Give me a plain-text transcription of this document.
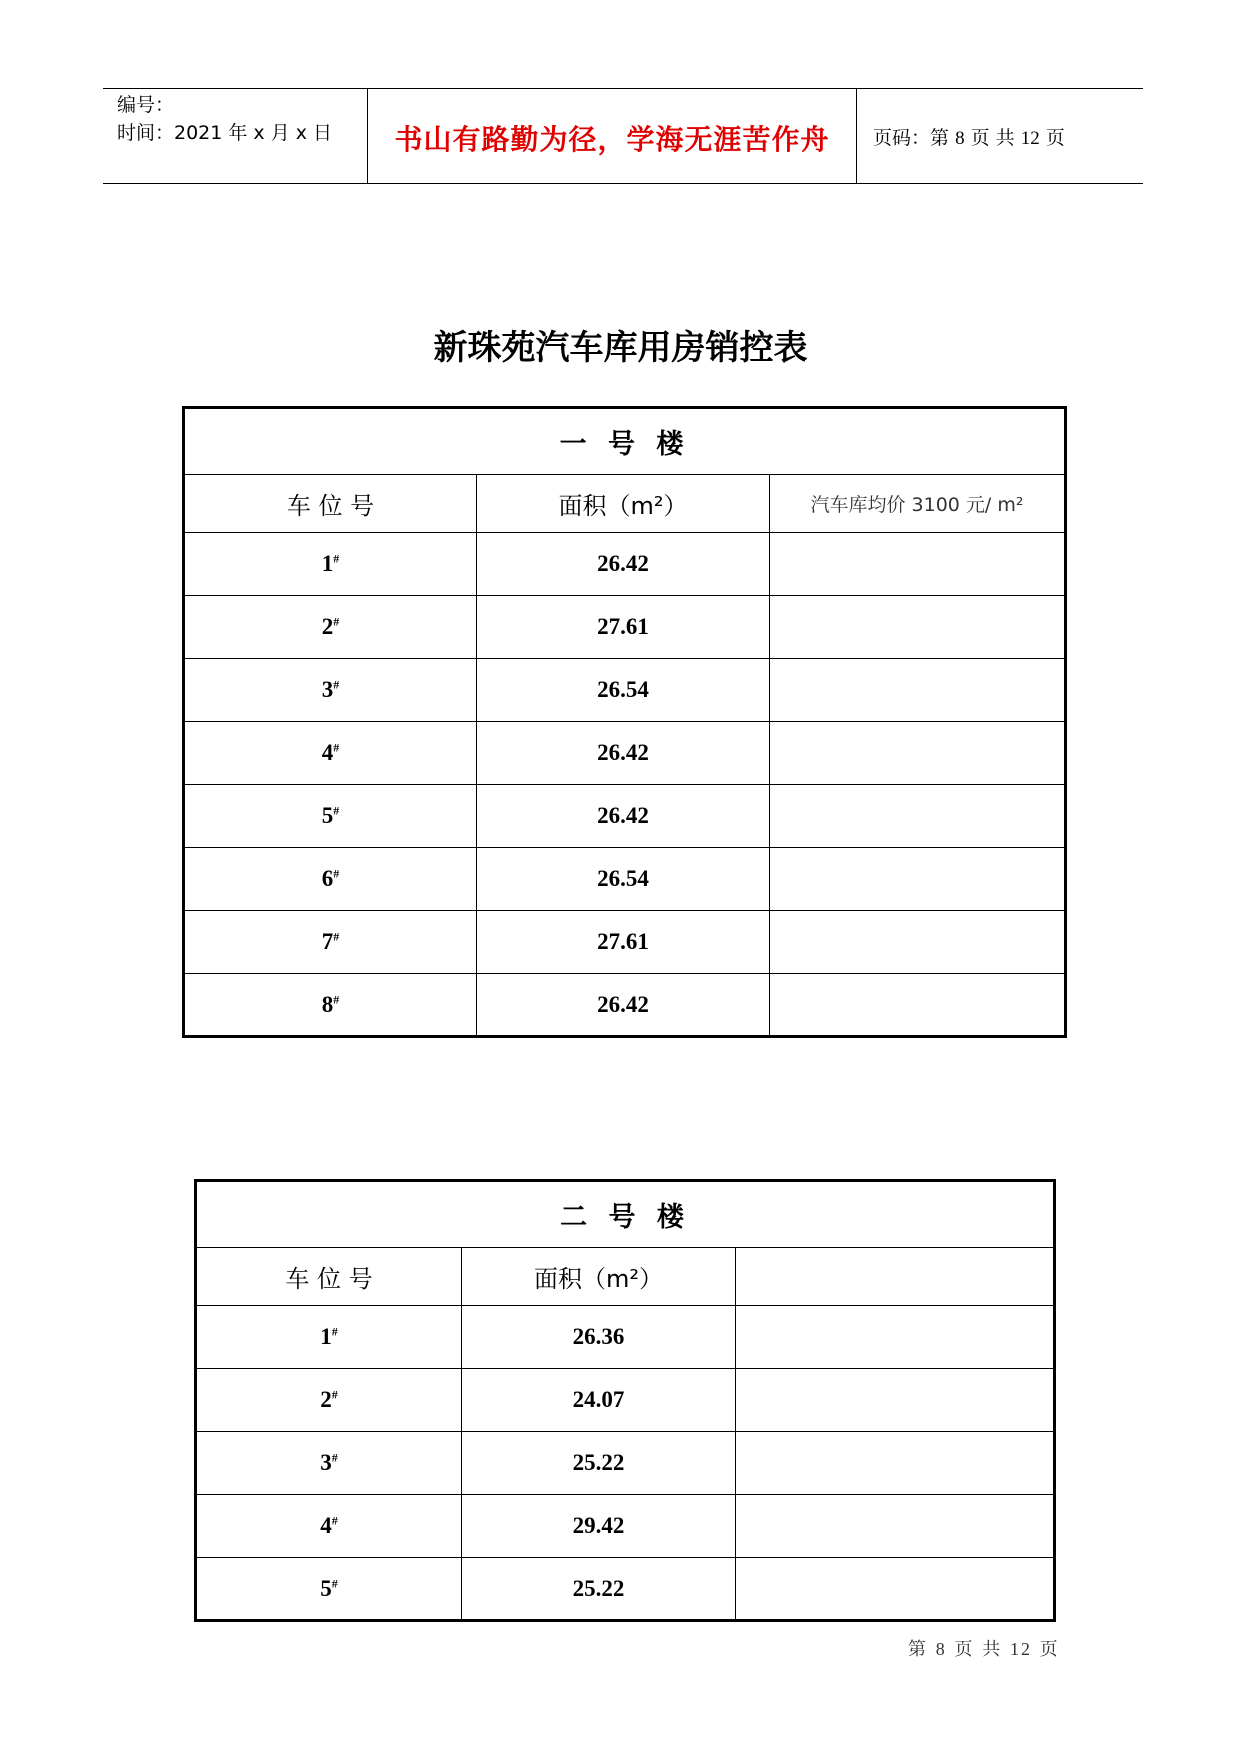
编号：
时间：2021 年 x 月 x 日	书山有路勤为径，学海无涯苦作舟	页码：第 8 页 共 12 页
新珠苑汽车库用房销控表
一 号 楼		
车 位 号	面积（m²）	汽车库均价 3100 元/ m²
1#	26.42	
2#	27.61	
3#	26.54	
4#	26.42	
5#	26.42	
6#	26.54	
7#	27.61	
8#	26.42	
二 号 楼		
车 位 号	面积（m²）	
1#	26.36	
2#	24.07	
3#	25.22	
4#	29.42	
5#	25.22	
第 8 页 共 12 页
